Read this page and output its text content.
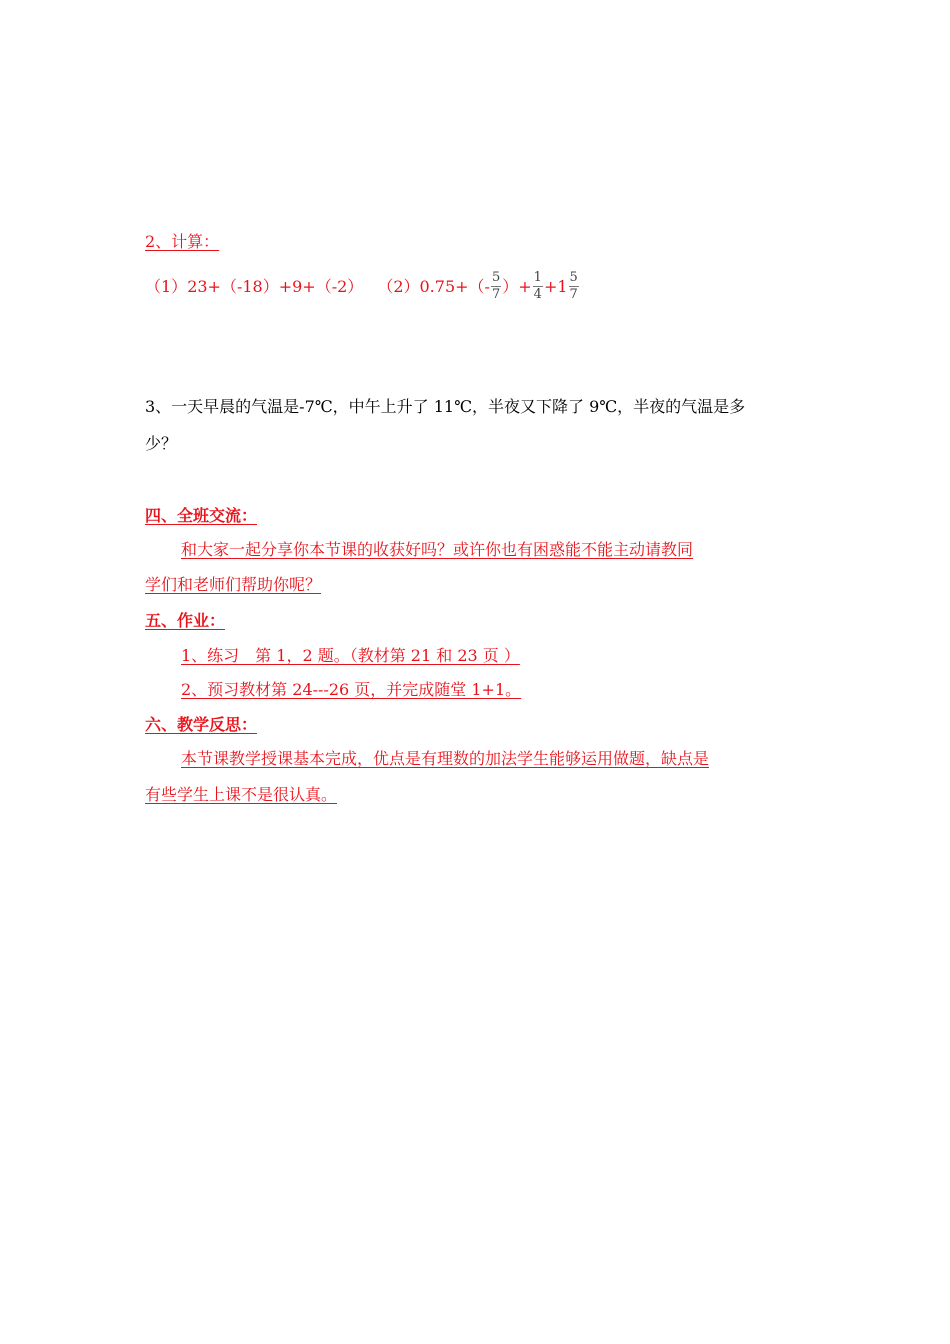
2、计算：
（1） 23+（-18）+9+（-2） （2） $0.75+(- \frac{5}{7}$ ）+ $\frac{1}{4} +1 \frac{5}{7}$
3、一天早晨的气温是-7℃，中午上升了 11℃，半夜又下降了 9℃，半夜的气温是多
少？
四、全班交流：
和大家一起分享你本节课的收获好吗？或许你也有困惑能不能主动请教同
学们和老师们帮助你呢？
五、作业：
1、练习　第 1，2 题。（教材第 21 和 23 页 ）
2、预习教材第 24---26 页，并完成随堂 1+1。
六、教学反思：
本节课教学授课基本完成，优点是有理数的加法学生能够运用做题，缺点是
有些学生上课不是很认真。
